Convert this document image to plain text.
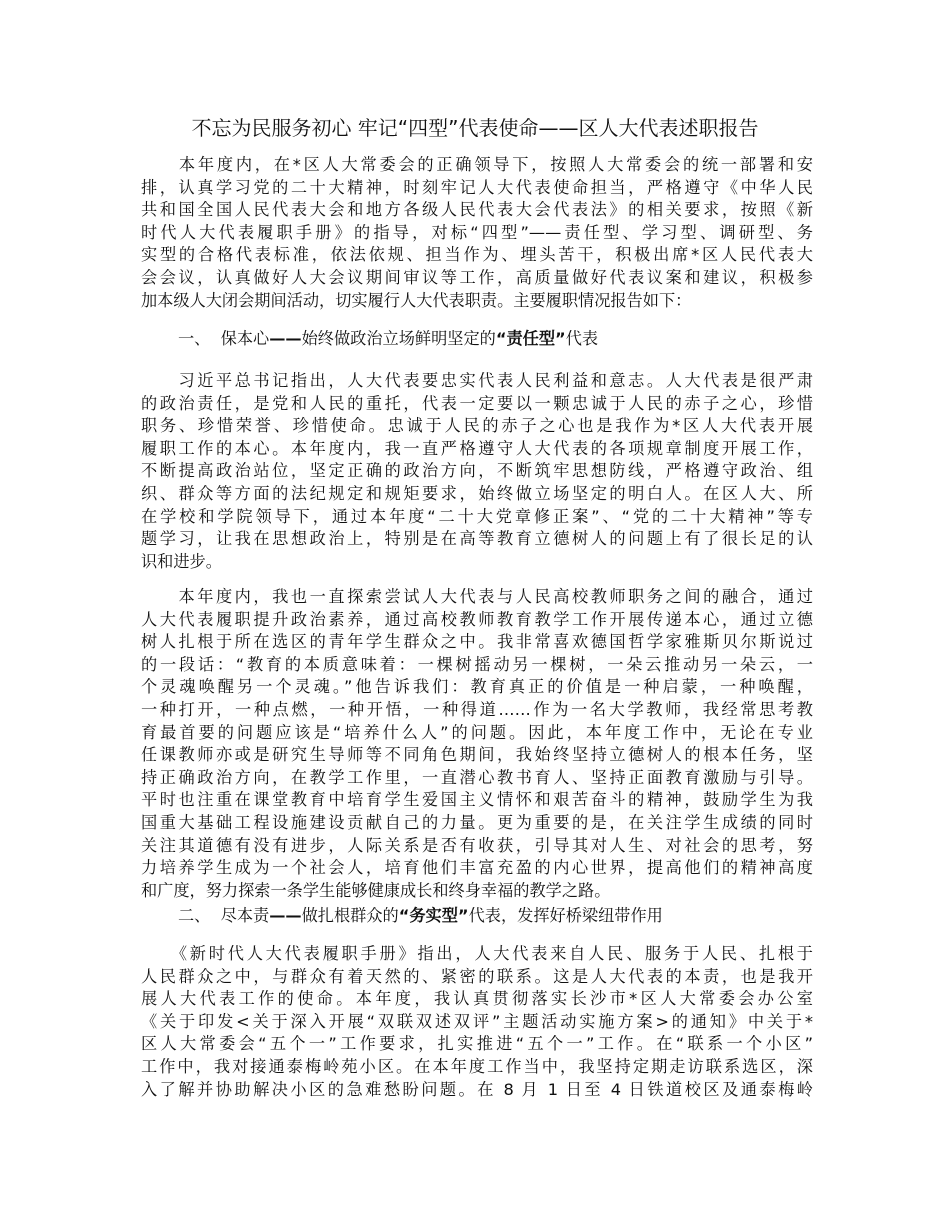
不忘为民服务初心 牢记“四型”代表使命——区人大代表述职报告
　　本年度内，在*区人大常委会的正确领导下，按照人大常委会的统一部署和安
排，认真学习党的二十大精神，时刻牢记人大代表使命担当，严格遵守《中华人民
共和国全国人民代表大会和地方各级人民代表大会代表法》的相关要求，按照《新
时代人大代表履职手册》的指导，对标“四型”——责任型、学习型、调研型、务
实型的合格代表标准，依法依规、担当作为、埋头苦干，积极出席*区人民代表大
会会议，认真做好人大会议期间审议等工作，高质量做好代表议案和建议，积极参
加本级人大闭会期间活动，切实履行人大代表职责。主要履职情况报告如下：
一、 保本心——始终做政治立场鲜明坚定的“责任型”代表
　　习近平总书记指出，人大代表要忠实代表人民利益和意志。人大代表是很严肃
的政治责任，是党和人民的重托，代表一定要以一颗忠诚于人民的赤子之心，珍惜
职务、珍惜荣誉、珍惜使命。忠诚于人民的赤子之心也是我作为*区人大代表开展
履职工作的本心。本年度内，我一直严格遵守人大代表的各项规章制度开展工作，
不断提高政治站位，坚定正确的政治方向，不断筑牢思想防线，严格遵守政治、组
织、群众等方面的法纪规定和规矩要求，始终做立场坚定的明白人。在区人大、所
在学校和学院领导下，通过本年度“二十大党章修正案”、“党的二十大精神”等专
题学习，让我在思想政治上，特别是在高等教育立德树人的问题上有了很长足的认
识和进步。
　　本年度内，我也一直探索尝试人大代表与人民高校教师职务之间的融合，通过
人大代表履职提升政治素养，通过高校教师教育教学工作开展传递本心，通过立德
树人扎根于所在选区的青年学生群众之中。我非常喜欢德国哲学家雅斯贝尔斯说过
的一段话：“教育的本质意味着：一棵树摇动另一棵树，一朵云推动另一朵云，一
个灵魂唤醒另一个灵魂。”他告诉我们：教育真正的价值是一种启蒙，一种唤醒，
一种打开，一种点燃，一种开悟，一种得道……作为一名大学教师，我经常思考教
育最首要的问题应该是“培养什么人”的问题。因此，本年度工作中，无论在专业
任课教师亦或是研究生导师等不同角色期间，我始终坚持立德树人的根本任务，坚
持正确政治方向，在教学工作里，一直潜心教书育人、坚持正面教育激励与引导。
平时也注重在课堂教育中培育学生爱国主义情怀和艰苦奋斗的精神，鼓励学生为我
国重大基础工程设施建设贡献自己的力量。更为重要的是，在关注学生成绩的同时
关注其道德有没有进步，人际关系是否有收获，引导其对人生、对社会的思考，努
力培养学生成为一个社会人，培育他们丰富充盈的内心世界，提高他们的精神高度
和广度，努力探索一条学生能够健康成长和终身幸福的教学之路。
二、 尽本责——做扎根群众的“务实型”代表，发挥好桥梁纽带作用
　　《新时代人大代表履职手册》指出，人大代表来自人民、服务于人民、扎根于
人民群众之中，与群众有着天然的、紧密的联系。这是人大代表的本责，也是我开
展人大代表工作的使命。本年度，我认真贯彻落实长沙市*区人大常委会办公室
《关于印发<关于深入开展“双联双述双评”主题活动实施方案>的通知》中关于*
区人大常委会“五个一”工作要求，扎实推进“五个一”工作。在“联系一个小区”
工作中，我对接通泰梅岭苑小区。在本年度工作当中，我坚持定期走访联系选区，深
入了解并协助解决小区的急难愁盼问题。在 8 月 1 日至 4 日铁道校区及通泰梅岭
